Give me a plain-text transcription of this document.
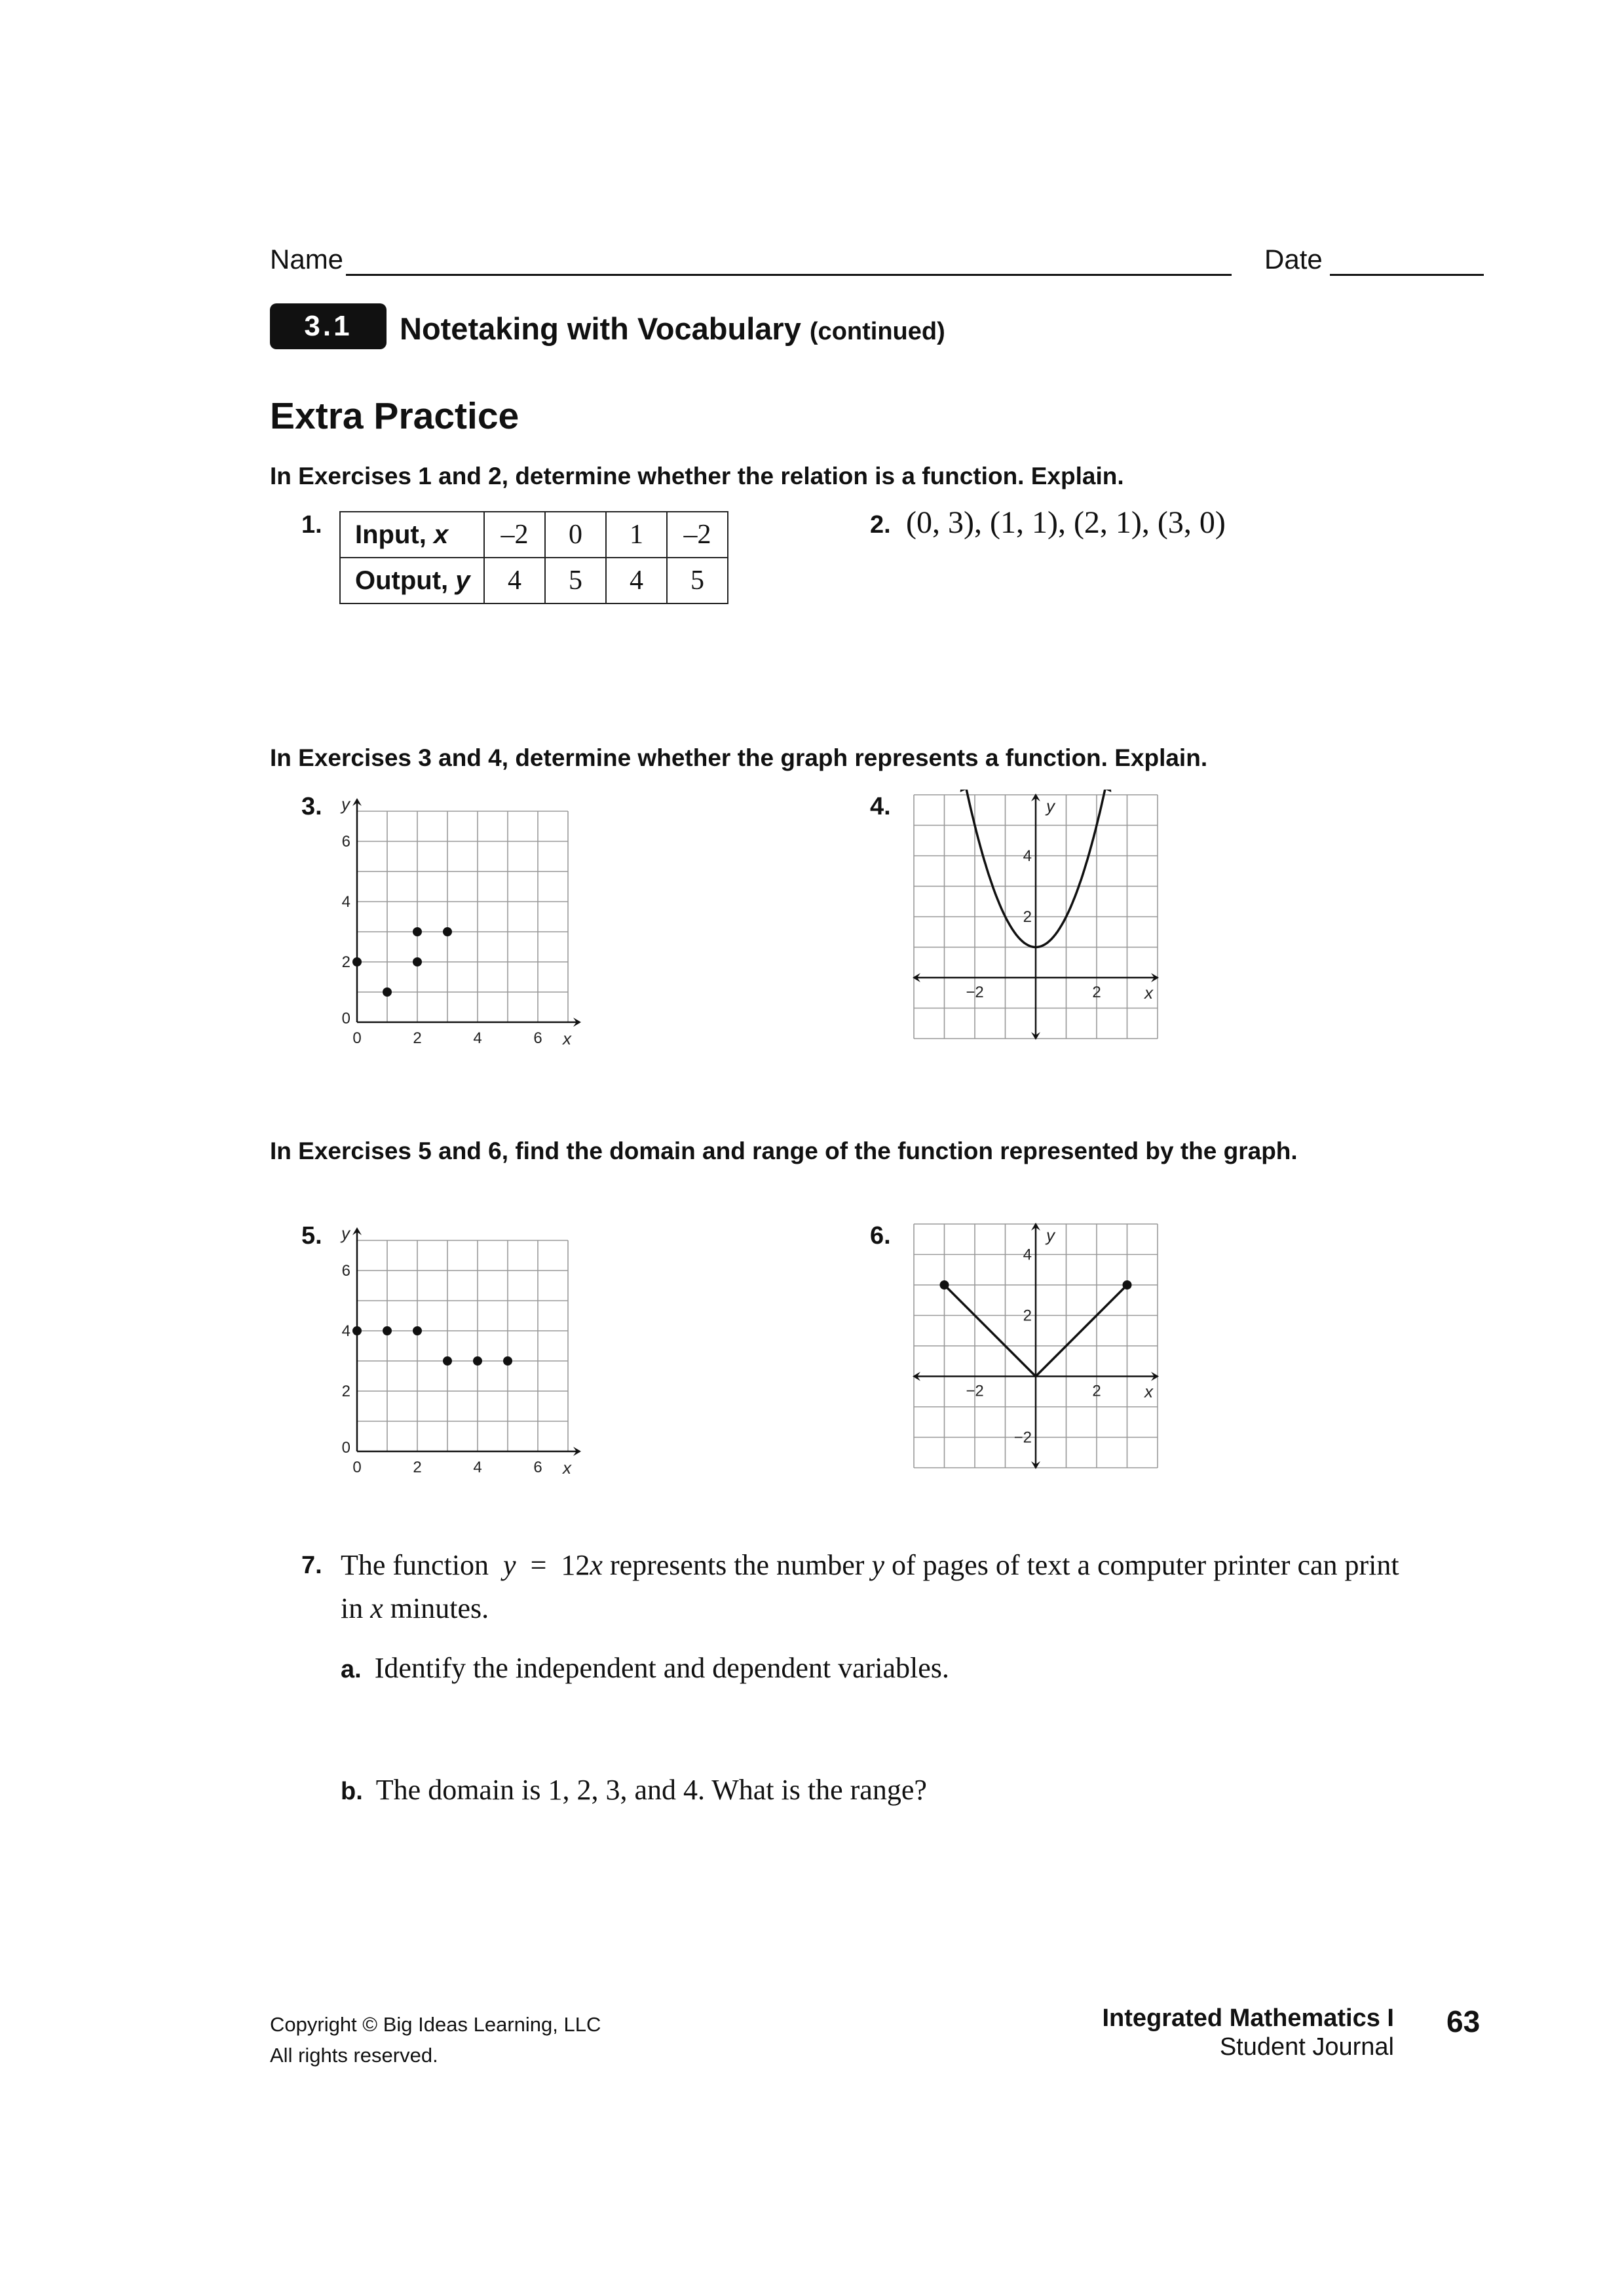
Name	Date
3.1	Notetaking with Vocabulary (continued)
Extra Practice
In Exercises 1 and 2, determine whether the relation is a function. Explain.
1. Input, x	–2	0	1	–2
Output, y	4	5	4	5
2. (0, 3), (1, 1), (2, 1), (3, 0)
In Exercises 3 and 4, determine whether the graph represents a function. Explain.
3.
0	2	4	6
0
2
4
6
x
y	4.
−2	2
2
4
x
y
In Exercises 5 and 6, find the domain and range of the function represented by the graph.
5.
0	2	4	6
0
2
4
6
x
y	6.
−2	2
−2
2
4
x
y
7. The function y = 12x represents the number y of pages of text a computer printer can print
in x minutes.
a. Identify the independent and dependent variables.
b. The domain is 1, 2, 3, and 4. What is the range?
Copyright © Big Ideas Learning, LLC
All rights reserved.
Integrated Mathematics I
Student Journal
63
